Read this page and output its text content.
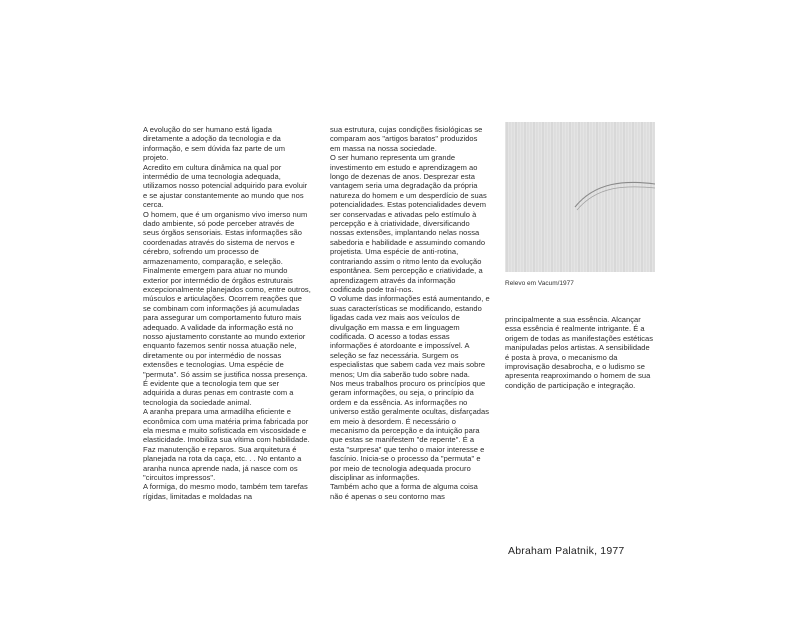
A evolução do ser humano está ligada diretamente a adoção da tecnologia e da informação, e sem dúvida faz parte de um projeto.

Acredito em cultura dinâmica na qual por intermédio de uma tecnologia adequada, utilizamos nosso potencial adquirido para evoluir e se ajustar constantemente ao mundo que nos cerca.

O homem, que é um organismo vivo imerso num dado ambiente, só pode perceber através de seus órgãos sensoriais. Estas informações são coordenadas através do sistema de nervos e cérebro, sofrendo um processo de armazenamento, comparação, e seleção. Finalmente emergem para atuar no mundo exterior por intermédio de órgãos estruturais excepcionalmente planejados como, entre outros, músculos e articulações. Ocorrem reações que se combinam com informações já acumuladas para assegurar um comportamento futuro mais adequado. A validade da informação está no nosso ajustamento constante ao mundo exterior enquanto fazemos sentir nossa atuação nele, diretamente ou por intermédio de nossas extensões e tecnologias. Uma espécie de "permuta". Só assim se justifica nossa presença.

É evidente que a tecnologia tem que ser adquirida a duras penas em contraste com a tecnologia da sociedade animal.

A aranha prepara uma armadilha eficiente e econômica com uma matéria prima fabricada por ela mesma e muito sofisticada em viscosidade e elasticidade. Imobiliza sua vítima com habilidade. Faz manutenção e reparos. Sua arquitetura é planejada na rota da caça, etc. . . No entanto a aranha nunca aprende nada, já nasce com os "circuitos impressos".

A formiga, do mesmo modo, também tem tarefas rígidas, limitadas e moldadas na

sua estrutura, cujas condições fisiológicas se comparam aos "artigos baratos" produzidos em massa na nossa sociedade.

O ser humano representa um grande investimento em estudo e aprendizagem ao longo de dezenas de anos. Desprezar esta vantagem seria uma degradação da própria natureza do homem e um desperdício de suas potencialidades. Estas potencialidades devem ser conservadas e ativadas pelo estímulo à percepção e à criatividade, diversificando nossas extensões, implantando nelas nossa sabedoria e habilidade e assumindo comando projetista. Uma espécie de anti-rotina, contrariando assim o ritmo lento da evolução espontânea. Sem percepção e criatividade, a aprendizagem através da informação codificada pode traí-nos.

O volume das informações está aumentando, e suas características se modificando, estando ligadas cada vez mais aos veículos de divulgação em massa e em linguagem codificada. O acesso a todas essas informações é atordoante e impossível. A seleção se faz necessária. Surgem os especialistas que sabem cada vez mais sobre menos; Um dia saberão tudo sobre nada.

Nos meus trabalhos procuro os princípios que geram informações, ou seja, o princípio da ordem e da essência. As informações no universo estão geralmente ocultas, disfarçadas em meio à desordem. É necessário o mecanismo da percepção e da intuição para que estas se manifestem "de repente". É a esta "surpresa" que tenho o maior interesse e fascínio. Inicia-se o processo da "permuta" e por meio de tecnologia adequada procuro disciplinar as informações.

Também acho que a forma de alguma coisa não é apenas o seu contorno mas

Relevo em Vacum/1977

principalmente a sua essência. Alcançar essa essência é realmente intrigante. É a origem de todas as manifestações estéticas manipuladas pelos artistas. A sensibilidade é posta à prova, o mecanismo da improvisação desabrocha, e o ludismo se apresenta reaproximando o homem de sua condição de participação e integração.

Abraham Palatnik, 1977
